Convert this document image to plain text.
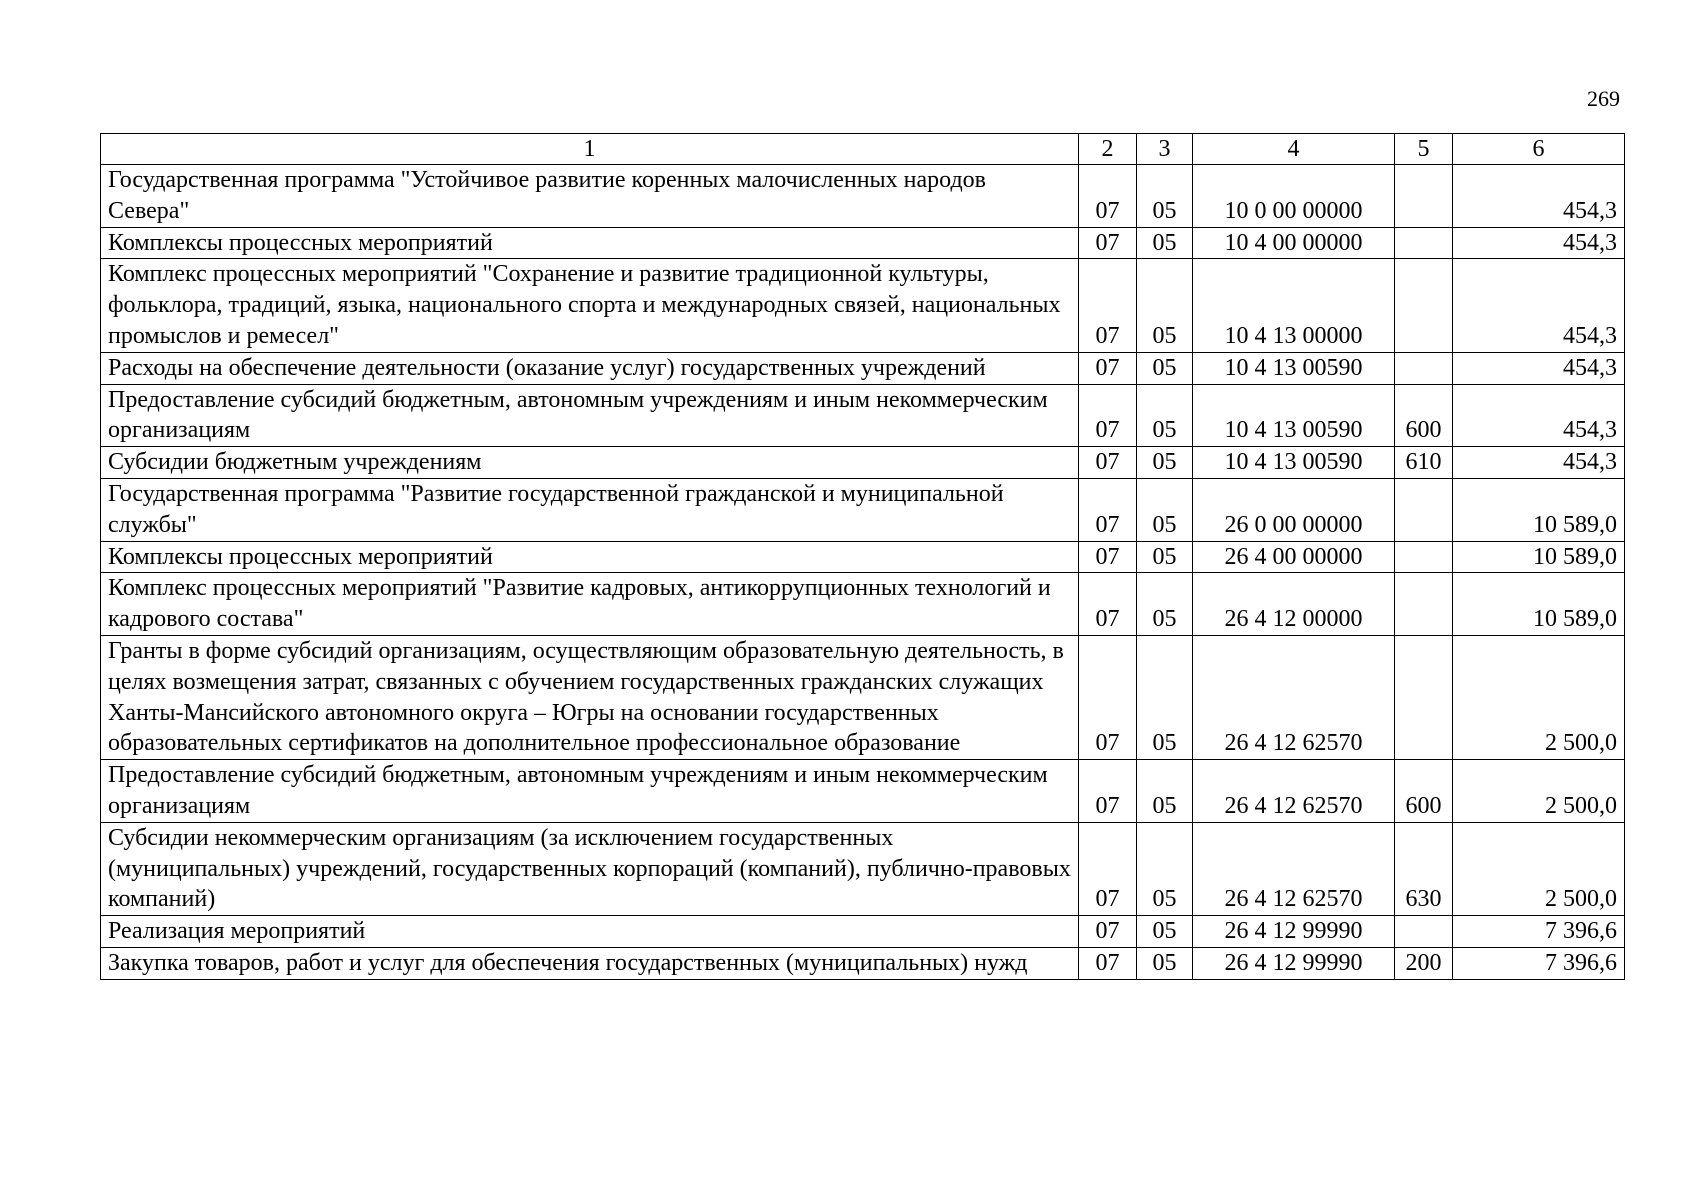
269
1	2	3	4	5	6
Государственная программа "Устойчивое развитие коренных малочисленных народов Севера"	07	05	10 0 00 00000		454,3
Комплексы процессных мероприятий	07	05	10 4 00 00000		454,3
Комплекс процессных мероприятий "Сохранение и развитие традиционной культуры, фольклора, традиций, языка, национального спорта и международных связей, национальных промыслов и ремесел"	07	05	10 4 13 00000		454,3
Расходы на обеспечение деятельности (оказание услуг) государственных учреждений	07	05	10 4 13 00590		454,3
Предоставление субсидий бюджетным, автономным учреждениям и иным некоммерческим организациям	07	05	10 4 13 00590	600	454,3
Субсидии бюджетным учреждениям	07	05	10 4 13 00590	610	454,3
Государственная программа "Развитие государственной гражданской и муниципальной службы"	07	05	26 0 00 00000		10 589,0
Комплексы процессных мероприятий	07	05	26 4 00 00000		10 589,0
Комплекс процессных мероприятий "Развитие кадровых, антикоррупционных технологий и кадрового состава"	07	05	26 4 12 00000		10 589,0
Гранты в форме субсидий организациям, осуществляющим образовательную деятельность, в целях возмещения затрат, связанных с обучением государственных гражданских служащих Ханты-Мансийского автономного округа – Югры на основании государственных образовательных сертификатов на дополнительное профессиональное образование	07	05	26 4 12 62570		2 500,0
Предоставление субсидий бюджетным, автономным учреждениям и иным некоммерческим организациям	07	05	26 4 12 62570	600	2 500,0
Субсидии некоммерческим организациям (за исключением государственных (муниципальных) учреждений, государственных корпораций (компаний), публично-правовых компаний)	07	05	26 4 12 62570	630	2 500,0
Реализация мероприятий	07	05	26 4 12 99990		7 396,6
Закупка товаров, работ и услуг для обеспечения государственных (муниципальных) нужд	07	05	26 4 12 99990	200	7 396,6
